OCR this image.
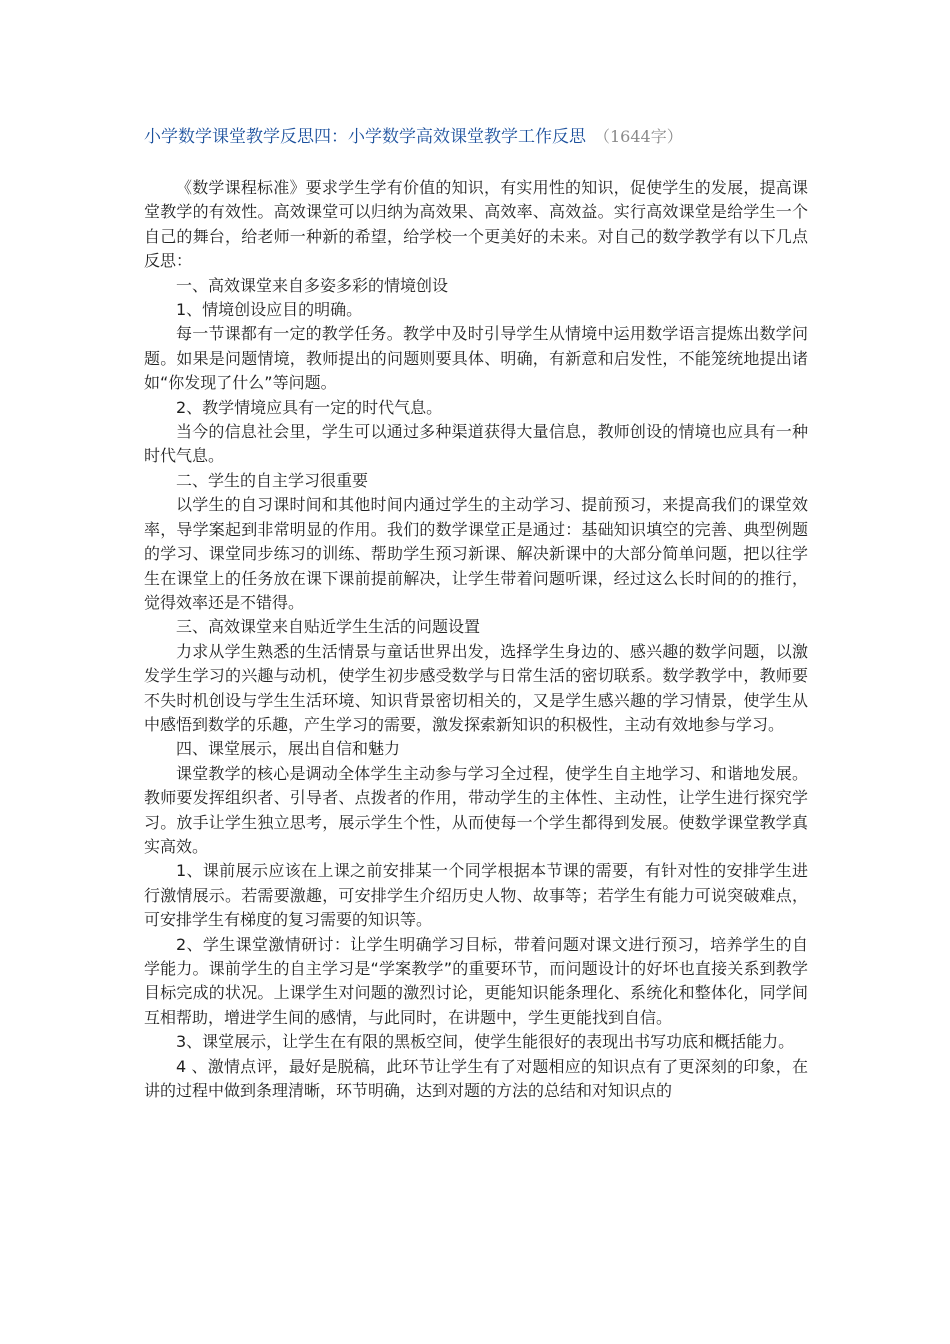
小学数学课堂教学反思四：小学数学高效课堂教学工作反思 （1644字）

《数学课程标准》要求学生学有价值的知识，有实用性的知识，促使学生的发展，提高课堂教学的有效性。高效课堂可以归纳为高效果、高效率、高效益。实行高效课堂是给学生一个自己的舞台，给老师一种新的希望，给学校一个更美好的未来。对自己的数学教学有以下几点反思：

一、高效课堂来自多姿多彩的情境创设

1、情境创设应目的明确。

每一节课都有一定的教学任务。教学中及时引导学生从情境中运用数学语言提炼出数学问题。如果是问题情境，教师提出的问题则要具体、明确，有新意和启发性，不能笼统地提出诸如“你发现了什么”等问题。

2、教学情境应具有一定的时代气息。

当今的信息社会里，学生可以通过多种渠道获得大量信息，教师创设的情境也应具有一种时代气息。

二、学生的自主学习很重要

以学生的自习课时间和其他时间内通过学生的主动学习、提前预习，来提高我们的课堂效率，导学案起到非常明显的作用。我们的数学课堂正是通过：基础知识填空的完善、典型例题的学习、课堂同步练习的训练、帮助学生预习新课、解决新课中的大部分简单问题，把以往学生在课堂上的任务放在课下课前提前解决，让学生带着问题听课，经过这么长时间的的推行，觉得效率还是不错得。

三、高效课堂来自贴近学生生活的问题设置

力求从学生熟悉的生活情景与童话世界出发，选择学生身边的、感兴趣的数学问题，以激发学生学习的兴趣与动机，使学生初步感受数学与日常生活的密切联系。数学教学中，教师要不失时机创设与学生生活环境、知识背景密切相关的，又是学生感兴趣的学习情景，使学生从中感悟到数学的乐趣，产生学习的需要，激发探索新知识的积极性，主动有效地参与学习。

四、课堂展示，展出自信和魅力

课堂教学的核心是调动全体学生主动参与学习全过程，使学生自主地学习、和谐地发展。教师要发挥组织者、引导者、点拨者的作用，带动学生的主体性、主动性，让学生进行探究学习。放手让学生独立思考，展示学生个性，从而使每一个学生都得到发展。使数学课堂教学真实高效。

1、课前展示应该在上课之前安排某一个同学根据本节课的需要，有针对性的安排学生进行激情展示。若需要激趣，可安排学生介绍历史人物、故事等；若学生有能力可说突破难点，可安排学生有梯度的复习需要的知识等。

2、学生课堂激情研讨：让学生明确学习目标，带着问题对课文进行预习，培养学生的自学能力。课前学生的自主学习是“学案教学”的重要环节，而问题设计的好坏也直接关系到教学目标完成的状况。上课学生对问题的激烈讨论，更能知识能条理化、系统化和整体化，同学间互相帮助，增进学生间的感情，与此同时，在讲题中，学生更能找到自信。

3、课堂展示，让学生在有限的黑板空间，使学生能很好的表现出书写功底和概括能力。

4 、激情点评，最好是脱稿，此环节让学生有了对题相应的知识点有了更深刻的印象，在讲的过程中做到条理清晰，环节明确，达到对题的方法的总结和对知识点的
